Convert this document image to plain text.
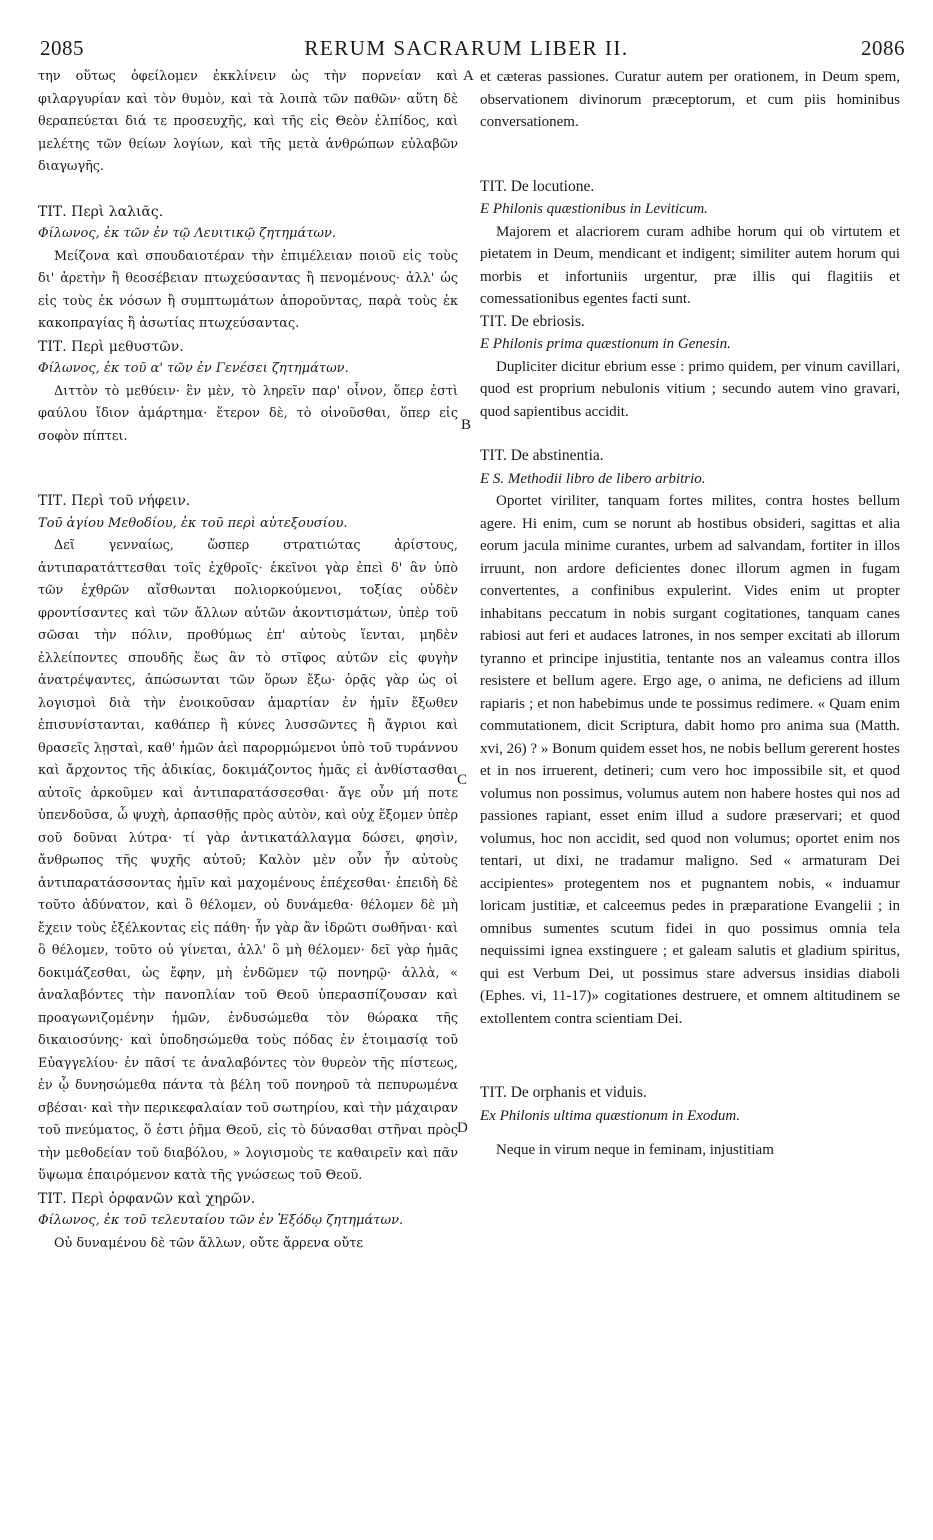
2085	RERUM SACRARUM LIBER II.	2086

την οὕτως ὀφείλομεν ἐκκλίνειν ὡς τὴν πορνείαν καὶ φιλαργυρίαν καὶ τὸν θυμὸν, καὶ τὰ λοιπὰ τῶν παθῶν· αὕτη δὲ θεραπεύεται διά τε προσευχῆς, καὶ τῆς εἰς Θεὸν ἐλπίδος, καὶ μελέτης τῶν θείων λογίων, καὶ τῆς μετὰ ἀνθρώπων εὐλαβῶν διαγωγῆς.

ΤΙΤ. Περὶ λαλιᾶς.

Φίλωνος, ἐκ τῶν ἐν τῷ Λευιτικῷ ζητημάτων.

Μείζονα καὶ σπουδαιοτέραν τὴν ἐπιμέλειαν ποιοῦ εἰς τοὺς δι' ἀρετὴν ἢ θεοσέβειαν πτωχεύσαντας ἢ πενομένους· ἀλλ' ὡς εἰς τοὺς ἐκ νόσων ἢ συμπτωμάτων ἀποροῦντας, παρὰ τοὺς ἐκ κακοπραγίας ἢ ἀσωτίας πτωχεύσαντας.

ΤΙΤ. Περὶ μεθυστῶν.

Φίλωνος, ἐκ τοῦ α' τῶν ἐν Γενέσει ζητημάτων.

Διττὸν τὸ μεθύειν· ἓν μὲν, τὸ ληρεῖν παρ' οἶνον, ὅπερ ἐστὶ φαύλου ἴδιον ἁμάρτημα· ἕτερον δὲ, τὸ οἰνοῦσθαι, ὅπερ εἰς σοφὸν πίπτει.

ΤΙΤ. Περὶ τοῦ νήφειν.

Τοῦ ἁγίου Μεθοδίου, ἐκ τοῦ περὶ αὐτεξουσίου.

Δεῖ γενναίως, ὥσπερ στρατιώτας ἀρίστους, ἀντιπαρατάττεσθαι τοῖς ἐχθροῖς· ἐκεῖνοι γὰρ ἐπεὶ δ' ἂν ὑπὸ τῶν ἐχθρῶν αἴσθωνται πολιορκούμενοι, τοξίας οὐδὲν φροντίσαντες καὶ τῶν ἄλλων αὐτῶν ἀκοντισμάτων, ὑπὲρ τοῦ σῶσαι τὴν πόλιν, προθύμως ἐπ' αὐτοὺς ἵενται, μηδὲν ἐλλείποντες σπουδῆς ἕως ἂν τὸ στῖφος αὐτῶν εἰς φυγὴν ἀνατρέψαντες, ἀπώσωνται τῶν ὅρων ἔξω· ὁρᾷς γὰρ ὡς οἱ λογισμοὶ διὰ τὴν ἐνοικοῦσαν ἁμαρτίαν ἐν ἡμῖν ἔξωθεν ἐπισυνίστανται, καθάπερ ἢ κύνες λυσσῶντες ἢ ἄγριοι καὶ θρασεῖς λῃσταὶ, καθ' ἡμῶν ἀεὶ παρορμώμενοι ὑπὸ τοῦ τυράννου καὶ ἄρχοντος τῆς ἀδικίας, δοκιμάζοντος ἡμᾶς εἰ ἀνθίστασθαι αὐτοῖς ἀρκοῦμεν καὶ ἀντιπαρατάσσεσθαι· ἄγε οὖν μή ποτε ὑπενδοῦσα, ὦ ψυχὴ, ἁρπασθῇς πρὸς αὐτὸν, καὶ οὐχ ἕξομεν ὑπὲρ σοῦ δοῦναι λύτρα· τί γὰρ ἀντικατάλλαγμα δώσει, φησὶν, ἄνθρωπος τῆς ψυχῆς αὐτοῦ; Καλὸν μὲν οὖν ἦν αὐτοὺς ἀντιπαρατάσσοντας ἡμῖν καὶ μαχομένους ἐπέχεσθαι· ἐπειδὴ δὲ τοῦτο ἀδύνατον, καὶ ὃ θέλομεν, οὐ δυνάμεθα· θέλομεν δὲ μὴ ἔχειν τοὺς ἐξέλκοντας εἰς πάθη· ἦν γὰρ ἂν ἱδρῶτι σωθῆναι· καὶ ὃ θέλομεν, τοῦτο οὐ γίνεται, ἀλλ' ὃ μὴ θέλομεν· δεῖ γὰρ ἡμᾶς δοκιμάζεσθαι, ὡς ἔφην, μὴ ἐνδῶμεν τῷ πονηρῷ· ἀλλὰ, « ἀναλαβόντες τὴν πανοπλίαν τοῦ Θεοῦ ὑπερασπίζουσαν καὶ προαγωνιζομένην ἡμῶν, ἐνδυσώμεθα τὸν θώρακα τῆς δικαιοσύνης· καὶ ὑποδησώμεθα τοὺς πόδας ἐν ἑτοιμασίᾳ τοῦ Εὐαγγελίου· ἐν πᾶσί τε ἀναλαβόντες τὸν θυρεὸν τῆς πίστεως, ἐν ᾧ δυνησώμεθα πάντα τὰ βέλη τοῦ πονηροῦ τὰ πεπυρωμένα σβέσαι· καὶ τὴν περικεφαλαίαν τοῦ σωτηρίου, καὶ τὴν μάχαιραν τοῦ πνεύματος, ὅ ἐστι ῥῆμα Θεοῦ, εἰς τὸ δύνασθαι στῆναι πρὸς τὴν μεθοδείαν τοῦ διαβόλου, » λογισμοὺς τε καθαιρεῖν καὶ πᾶν ὕψωμα ἐπαιρόμενον κατὰ τῆς γνώσεως τοῦ Θεοῦ.

ΤΙΤ. Περὶ ὀρφανῶν καὶ χηρῶν.

Φίλωνος, ἐκ τοῦ τελευταίου τῶν ἐν Ἐξόδῳ ζητημάτων.

Οὐ δυναμένου δὲ τῶν ἄλλων, οὔτε ἄρρενα οὔτε

A
B
C
D

et cæteras passiones. Curatur autem per orationem, in Deum spem, observationem divinorum præceptorum, et cum piis hominibus conversationem.

TIT. De locutione.

E Philonis quæstionibus in Leviticum.

Majorem et alacriorem curam adhibe horum qui ob virtutem et pietatem in Deum, mendicant et indigent; similiter autem horum qui morbis et infortuniis urgentur, præ illis qui flagitiis et comessationibus egentes facti sunt.

TIT. De ebriosis.

E Philonis prima quæstionum in Genesin.

Dupliciter dicitur ebrium esse : primo quidem, per vinum cavillari, quod est proprium nebulonis vitium ; secundo autem vino gravari, quod sapientibus accidit.

TIT. De abstinentia.

E S. Methodii libro de libero arbitrio.

Oportet viriliter, tanquam fortes milites, contra hostes bellum agere. Hi enim, cum se norunt ab hostibus obsideri, sagittas et alia eorum jacula minime curantes, urbem ad salvandam, fortiter in illos irruunt, non ardore deficientes donec illorum agmen in fugam convertentes, a confinibus expulerint. Vides enim ut propter inhabitans peccatum in nobis surgant cogitationes, tanquam canes rabiosi aut feri et audaces latrones, in nos semper excitati ab illorum tyranno et principe injustitia, tentante nos an valeamus contra illos resistere et bellum agere. Ergo age, o anima, ne deficiens ad illum rapiaris ; et non habebimus unde te possimus redimere. « Quam enim commutationem, dicit Scriptura, dabit homo pro anima sua (Matth. xvi, 26) ? » Bonum quidem esset hos, ne nobis bellum gererent hostes et in nos irruerent, detineri; cum vero hoc impossibile sit, et quod volumus non possimus, volumus autem non habere hostes qui nos ad passiones rapiant, esset enim illud a sudore præservari; et quod volumus, hoc non accidit, sed quod non volumus; oportet enim nos tentari, ut dixi, ne tradamur maligno. Sed « armaturam Dei accipientes» protegentem nos et pugnantem nobis, « induamur loricam justitiæ, et calceemus pedes in præparatione Evangelii ; in omnibus sumentes scutum fidei in quo possimus omnia tela nequissimi ignea exstinguere ; et galeam salutis et gladium spiritus, qui est Verbum Dei, ut possimus stare adversus insidias diaboli (Ephes. vi, 11-17)» cogitationes destruere, et omnem altitudinem se extollentem contra scientiam Dei.

TIT. De orphanis et viduis.

Ex Philonis ultima quæstionum in Exodum.

Neque in virum neque in feminam, injustitiam
